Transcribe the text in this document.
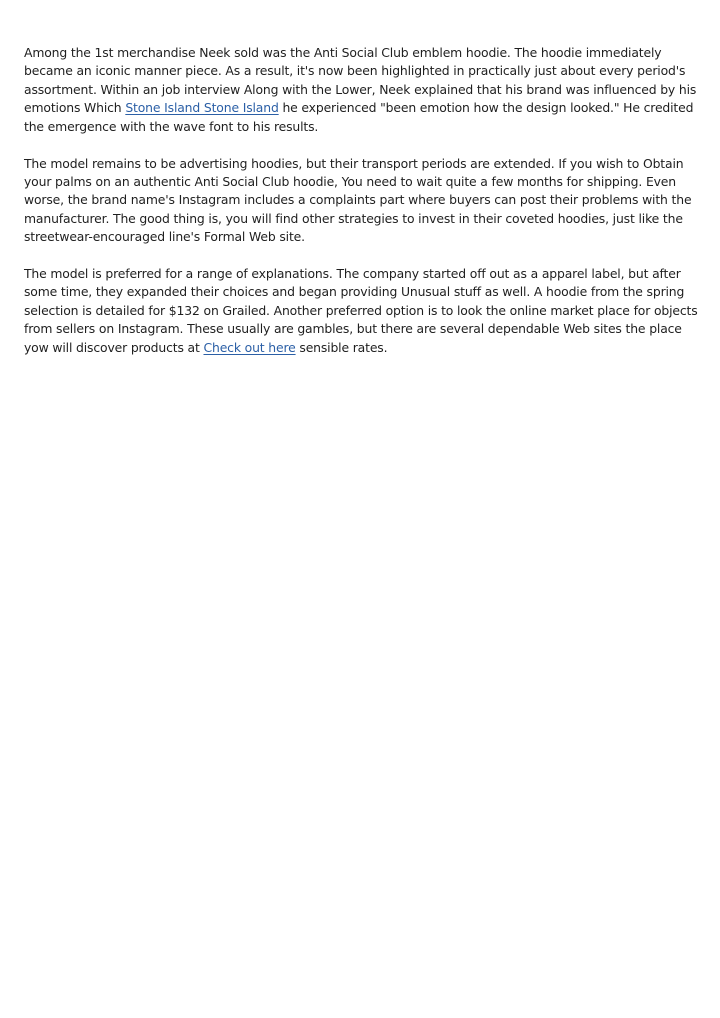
Among the 1st merchandise Neek sold was the Anti Social Club emblem hoodie. The hoodie immediately became an iconic manner piece. As a result, it's now been highlighted in practically just about every period's assortment. Within an job interview Along with the Lower, Neek explained that his brand was influenced by his emotions Which Stone Island Stone Island he experienced "been emotion how the design looked." He credited the emergence with the wave font to his results.

The model remains to be advertising hoodies, but their transport periods are extended. If you wish to Obtain your palms on an authentic Anti Social Club hoodie, You need to wait quite a few months for shipping. Even worse, the brand name's Instagram includes a complaints part where buyers can post their problems with the manufacturer. The good thing is, you will find other strategies to invest in their coveted hoodies, just like the streetwear-encouraged line's Formal Web site.

The model is preferred for a range of explanations. The company started off out as a apparel label, but after some time, they expanded their choices and began providing Unusual stuff as well. A hoodie from the spring selection is detailed for $132 on Grailed. Another preferred option is to look the online market place for objects from sellers on Instagram. These usually are gambles, but there are several dependable Web sites the place yow will discover products at Check out here sensible rates.
